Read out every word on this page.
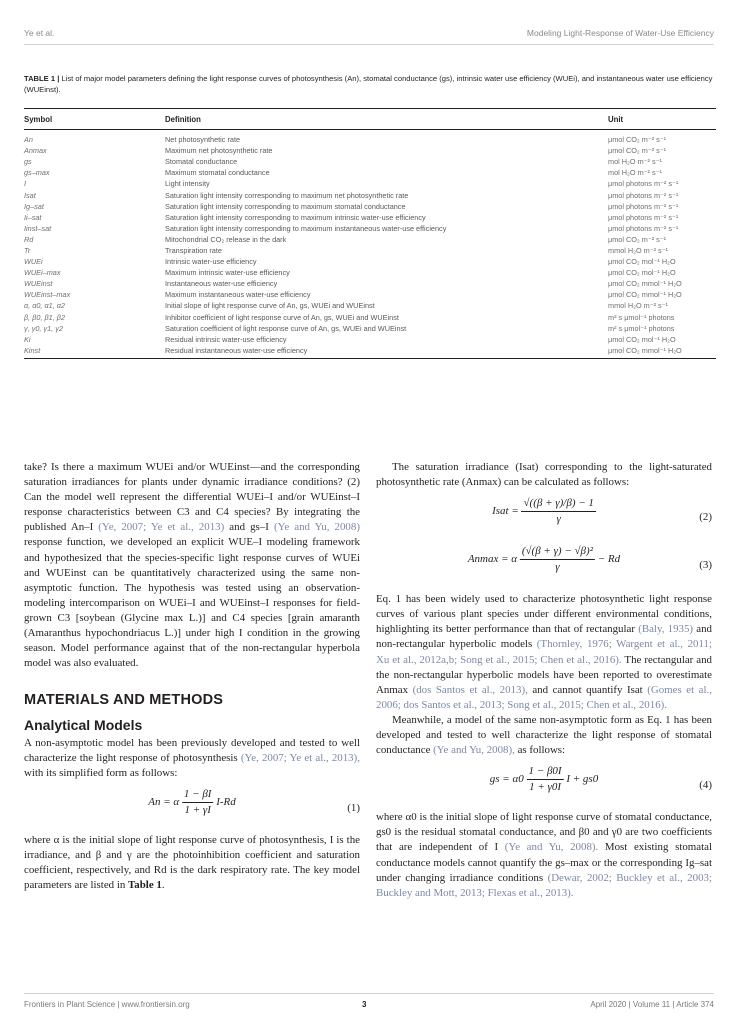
Ye et al.	Modeling Light-Response of Water-Use Efficiency
TABLE 1 | List of major model parameters defining the light response curves of photosynthesis (An), stomatal conductance (gs), intrinsic water use efficiency (WUEi), and instantaneous water use efficiency (WUEinst).
Symbol	Definition	Unit
An	Net photosynthetic rate	μmol CO₂ m⁻² s⁻¹
Anmax	Maximum net photosynthetic rate	μmol CO₂ m⁻² s⁻¹
gs	Stomatal conductance	mol H₂O m⁻² s⁻¹
gs–max	Maximum stomatal conductance	mol H₂O m⁻² s⁻¹
I	Light intensity	μmol photons m⁻² s⁻¹
Isat	Saturation light intensity corresponding to maximum net photosynthetic rate	μmol photons m⁻² s⁻¹
Ig–sat	Saturation light intensity corresponding to maximum stomatal conductance	μmol photons m⁻² s⁻¹
Ii–sat	Saturation light intensity corresponding to maximum intrinsic water-use efficiency	μmol photons m⁻² s⁻¹
Iinst–sat	Saturation light intensity corresponding to maximum instantaneous water-use efficiency	μmol photons m⁻² s⁻¹
Rd	Mitochondrial CO₂ release in the dark	μmol CO₂ m⁻² s⁻¹
Tr	Transpiration rate	mmol H₂O m⁻² s⁻¹
WUEi	Intrinsic water-use efficiency	μmol CO₂ mol⁻¹ H₂O
WUEi–max	Maximum intrinsic water-use efficiency	μmol CO₂ mol⁻¹ H₂O
WUEinst	Instantaneous water-use efficiency	μmol CO₂ mmol⁻¹ H₂O
WUEinst–max	Maximum instantaneous water-use efficiency	μmol CO₂ mmol⁻¹ H₂O
α, α0, α1, α2	Initial slope of light response curve of An, gs, WUEi and WUEinst	mmol H₂O m⁻² s⁻¹
β, β0, β1, β2	Inhibitor coefficient of light response curve of An, gs, WUEi and WUEinst	m² s μmol⁻¹ photons
γ, γ0, γ1, γ2	Saturation coefficient of light response curve of An, gs, WUEi and WUEinst	m² s μmol⁻¹ photons
Ki	Residual intrinsic water-use efficiency	μmol CO₂ mol⁻¹ H₂O
Kinst	Residual instantaneous water-use efficiency	μmol CO₂ mmol⁻¹ H₂O

take? Is there a maximum WUEi and/or WUEinst—and the corresponding saturation irradiances for plants under dynamic irradiance conditions? (2) Can the model well represent the differential WUEi–I and/or WUEinst–I response characteristics between C3 and C4 species? By integrating the published An–I (Ye, 2007; Ye et al., 2013) and gs–I (Ye and Yu, 2008) response function, we developed an explicit WUE–I modeling framework and hypothesized that the species-specific light response curves of WUEi and WUEinst can be quantitatively characterized using the same non-asymptotic function. The hypothesis was tested using an observation-modeling intercomparison on WUEi–I and WUEinst–I responses for field-grown C3 [soybean (Glycine max L.)] and C4 species [grain amaranth (Amaranthus hypochondriacus L.)] under high I condition in the growing season. Model performance against that of the non-rectangular hyperbola model was also evaluated.

MATERIALS AND METHODS
Analytical Models

A non-asymptotic model has been previously developed and tested to well characterize the light response of photosynthesis (Ye, 2007; Ye et al., 2013), with its simplified form as follows:

An = α $\frac{1 - \beta I}{1 + \gamma I} I-Rd$	(1)

where α is the initial slope of light response curve of photosynthesis, I is the irradiance, and β and γ are the photoinhibition coefficient and saturation coefficient, respectively, and Rd is the dark respiratory rate. The key model parameters are listed in Table 1.

The saturation irradiance (Isat) corresponding to the light-saturated photosynthetic rate (Anmax) can be calculated as follows:

Isat = $\frac{√((\beta + \gamma)/\beta) - 1}{\gamma}$	(2)
Anmax = α $\frac{\text{(√(β + γ) − √β)²}}{\gamma} - Rd$	(3)

Eq. 1 has been widely used to characterize photosynthetic light response curves of various plant species under different environmental conditions, highlighting its better performance than that of rectangular (Baly, 1935) and non-rectangular hyperbolic models (Thornley, 1976; Wargent et al., 2011; Xu et al., 2012a,b; Song et al., 2015; Chen et al., 2016). The rectangular and the non-rectangular hyperbolic models have been reported to overestimate Anmax (dos Santos et al., 2013), and cannot quantify Isat (Gomes et al., 2006; dos Santos et al., 2013; Song et al., 2015; Chen et al., 2016).

Meanwhile, a model of the same non-asymptotic form as Eq. 1 has been developed and tested to well characterize the light response of stomatal conductance (Ye and Yu, 2008), as follows:

gs = $\alpha 0 \frac{1 - \beta 0I}{1 + \gamma 0I}$ I + gs0	(4)

where α0 is the initial slope of light response curve of stomatal conductance, gs0 is the residual stomatal conductance, and β0 and γ0 are two coefficients that are independent of I (Ye and Yu, 2008). Most existing stomatal conductance models cannot quantify the gs–max or the corresponding Ig–sat under changing irradiance conditions (Dewar, 2002; Buckley et al., 2003; Buckley and Mott, 2013; Flexas et al., 2013).

Frontiers in Plant Science | www.frontiersin.org	3	April 2020 | Volume 11 | Article 374
